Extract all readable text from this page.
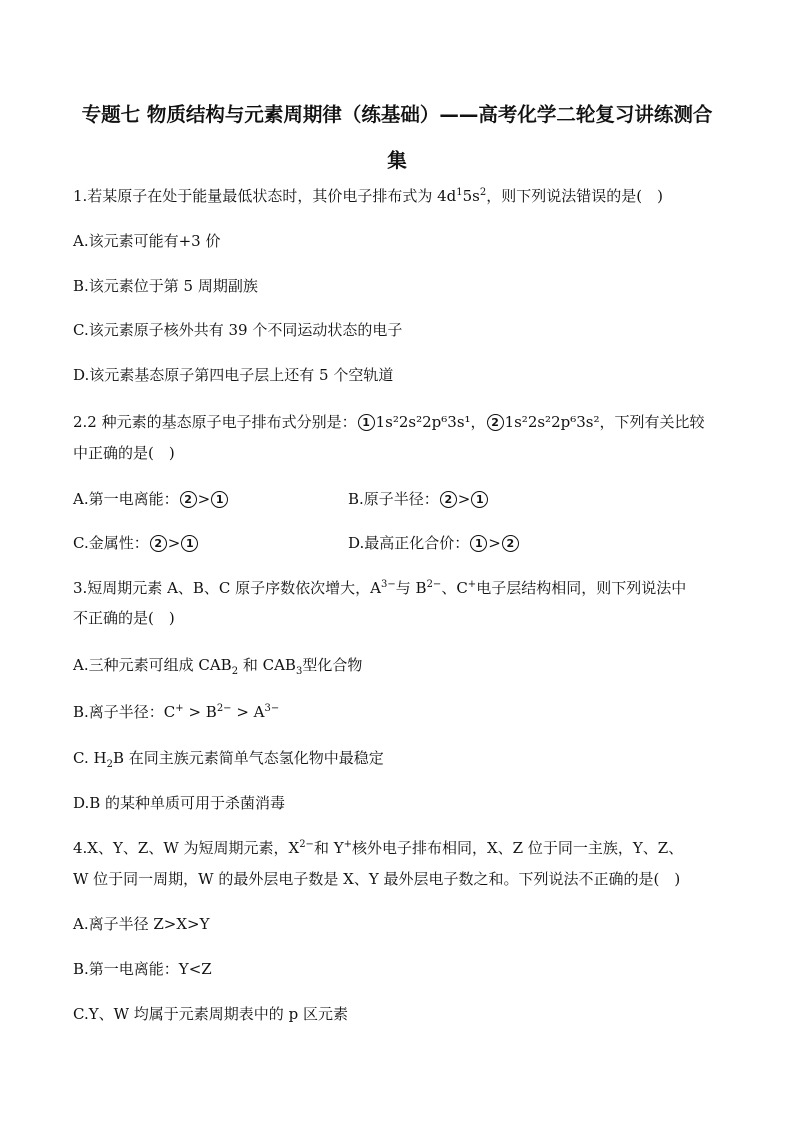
专题七 物质结构与元素周期律（练基础）——高考化学二轮复习讲练测合
集
1.若某原子在处于能量最低状态时，其价电子排布式为 $4d^15s^2$，则下列说法错误的是(　)
A.该元素可能有+3 价
B.该元素位于第 5 周期副族
C.该元素原子核外共有 39 个不同运动状态的电子
D.该元素基态原子第四电子层上还有 5 个空轨道
2.2 种元素的基态原子电子排布式分别是： 1 1s²2s²2p⁶3s¹， 2 1s²2s²2p⁶3s²，下列有关比较
中正确的是(　)
A.第一电离能： 2 > 1	B.原子半径： 2 > 1
C.金属性： 2 > 1	D.最高正化合价： 1 > 2
3.短周期元素 A、B、C 原子序数依次增大，$A^{3-}$与 $B^{2-}$、C+电子层结构相同，则下列说法中
不正确的是(　)
A.三种元素可组成 $CAB_2$ 和 $CAB_3$型化合物
B.离子半径：$C^+ > B^{2-} > A^{3-}$
C. $H_2B$ 在同主族元素简单气态氢化物中最稳定
D.B 的某种单质可用于杀菌消毒
4.X、Y、Z、W 为短周期元素，$X^{2-}$和 Y+核外电子排布相同，X、Z 位于同一主族，Y、Z、
W 位于同一周期，W 的最外层电子数是 X、Y 最外层电子数之和。下列说法不正确的是(　)
A.离子半径 Z>X>Y
B.第一电离能：Y<Z
C.Y、W 均属于元素周期表中的 p 区元素
